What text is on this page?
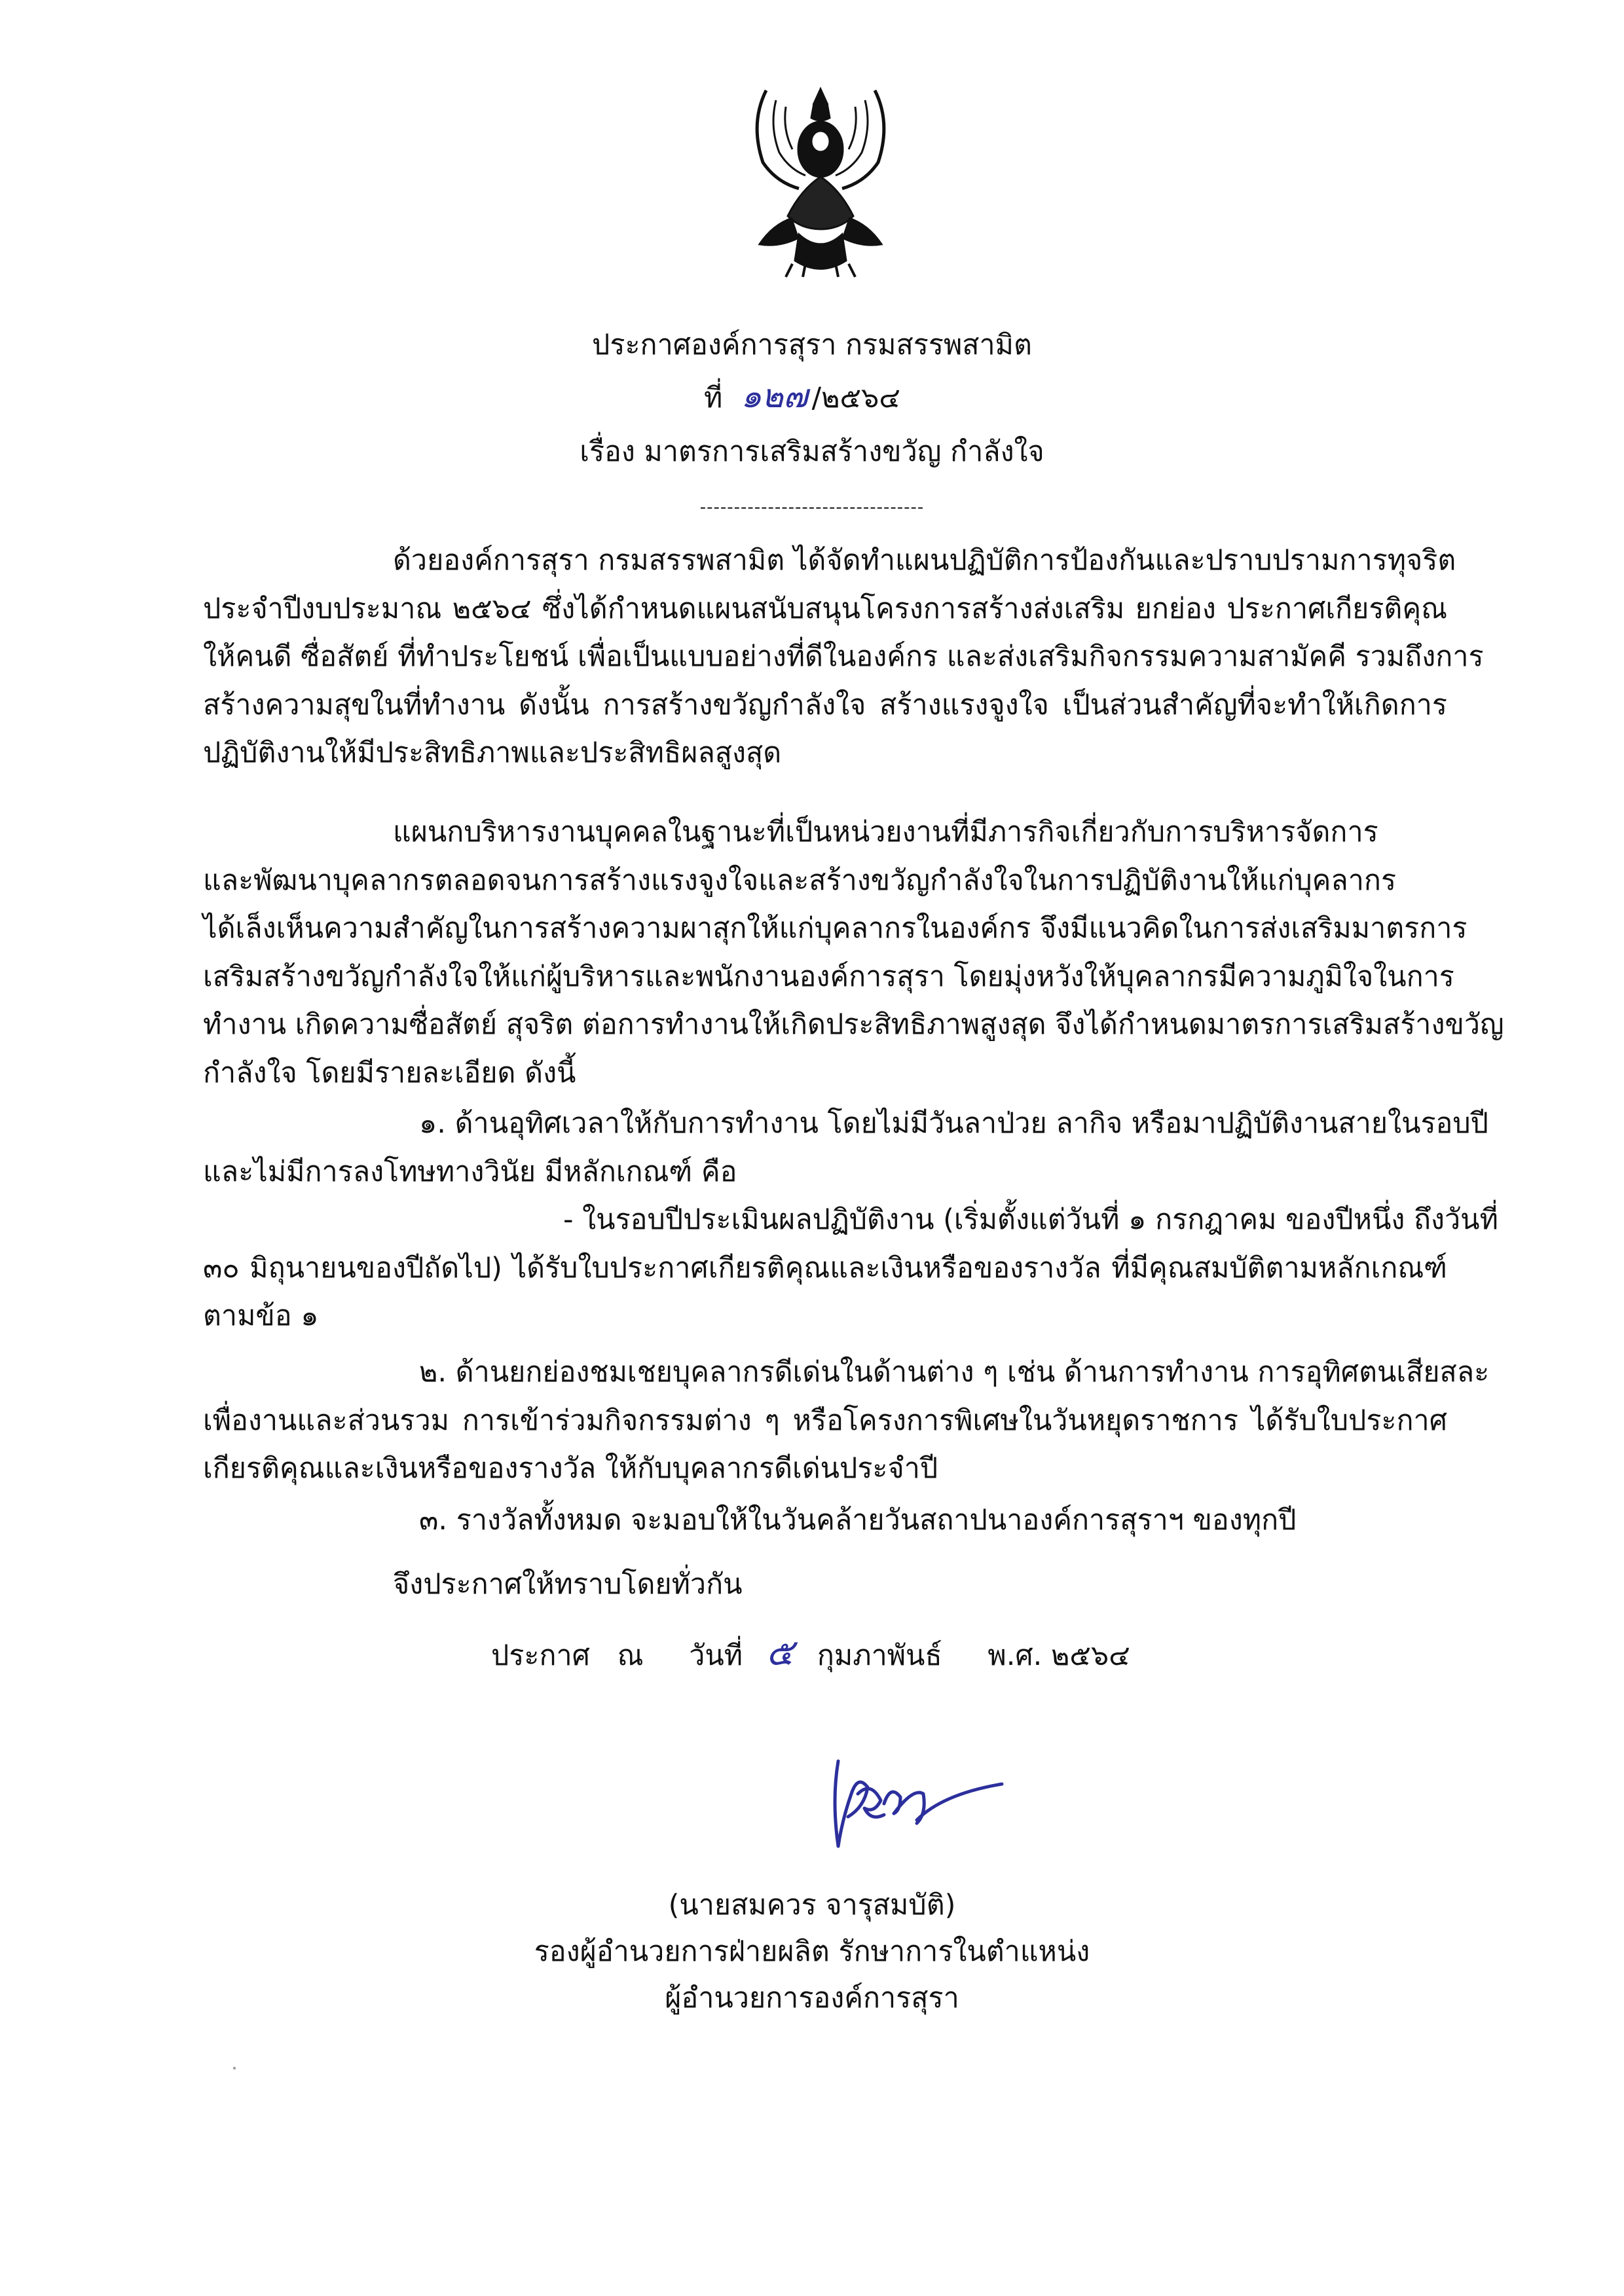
ประกาศองค์การสุรา กรมสรรพสามิต
ที่ ๑๒๗ /๒๕๖๔
เรื่อง มาตรการเสริมสร้างขวัญ กำลังใจ
---------------------------------
ด้วยองค์การสุรา กรมสรรพสามิต ได้จัดทำแผนปฏิบัติการป้องกันและปราบปรามการทุจริต
ประจำปีงบประมาณ ๒๕๖๔ ซึ่งได้กำหนดแผนสนับสนุนโครงการสร้างส่งเสริม ยกย่อง ประกาศเกียรติคุณ
ให้คนดี ซื่อสัตย์ ที่ทำประโยชน์ เพื่อเป็นแบบอย่างที่ดีในองค์กร และส่งเสริมกิจกรรมความสามัคคี รวมถึงการ
สร้างความสุขในที่ทำงาน ดังนั้น การสร้างขวัญกำลังใจ สร้างแรงจูงใจ เป็นส่วนสำคัญที่จะทำให้เกิดการ
ปฏิบัติงานให้มีประสิทธิภาพและประสิทธิผลสูงสุด
แผนกบริหารงานบุคคลในฐานะที่เป็นหน่วยงานที่มีภารกิจเกี่ยวกับการบริหารจัดการ
และพัฒนาบุคลากรตลอดจนการสร้างแรงจูงใจและสร้างขวัญกำลังใจในการปฏิบัติงานให้แก่บุคลากร
ได้เล็งเห็นความสำคัญในการสร้างความผาสุกให้แก่บุคลากรในองค์กร จึงมีแนวคิดในการส่งเสริมมาตรการ
เสริมสร้างขวัญกำลังใจให้แก่ผู้บริหารและพนักงานองค์การสุรา โดยมุ่งหวังให้บุคลากรมีความภูมิใจในการ
ทำงาน เกิดความซื่อสัตย์ สุจริต ต่อการทำงานให้เกิดประสิทธิภาพสูงสุด จึงได้กำหนดมาตรการเสริมสร้างขวัญ
กำลังใจ โดยมีรายละเอียด ดังนี้
๑. ด้านอุทิศเวลาให้กับการทำงาน โดยไม่มีวันลาป่วย ลากิจ หรือมาปฏิบัติงานสายในรอบปี
และไม่มีการลงโทษทางวินัย มีหลักเกณฑ์ คือ
- ในรอบปีประเมินผลปฏิบัติงาน (เริ่มตั้งแต่วันที่ ๑ กรกฎาคม ของปีหนึ่ง ถึงวันที่
๓๐ มิถุนายนของปีถัดไป) ได้รับใบประกาศเกียรติคุณและเงินหรือของรางวัล ที่มีคุณสมบัติตามหลักเกณฑ์
ตามข้อ ๑
๒. ด้านยกย่องชมเชยบุคลากรดีเด่นในด้านต่าง ๆ เช่น ด้านการทำงาน การอุทิศตนเสียสละ
เพื่องานและส่วนรวม การเข้าร่วมกิจกรรมต่าง ๆ หรือโครงการพิเศษในวันหยุดราชการ ได้รับใบประกาศ
เกียรติคุณและเงินหรือของรางวัล ให้กับบุคลากรดีเด่นประจำปี
๓. รางวัลทั้งหมด จะมอบให้ในวันคล้ายวันสถาปนาองค์การสุราฯ ของทุกปี
จึงประกาศให้ทราบโดยทั่วกัน
ประกาศ ณ วันที่ ๕ กุมภาพันธ์ พ.ศ. ๒๕๖๔
(นายสมควร จารุสมบัติ)
รองผู้อำนวยการฝ่ายผลิต รักษาการในตำแหน่ง
ผู้อำนวยการองค์การสุรา
